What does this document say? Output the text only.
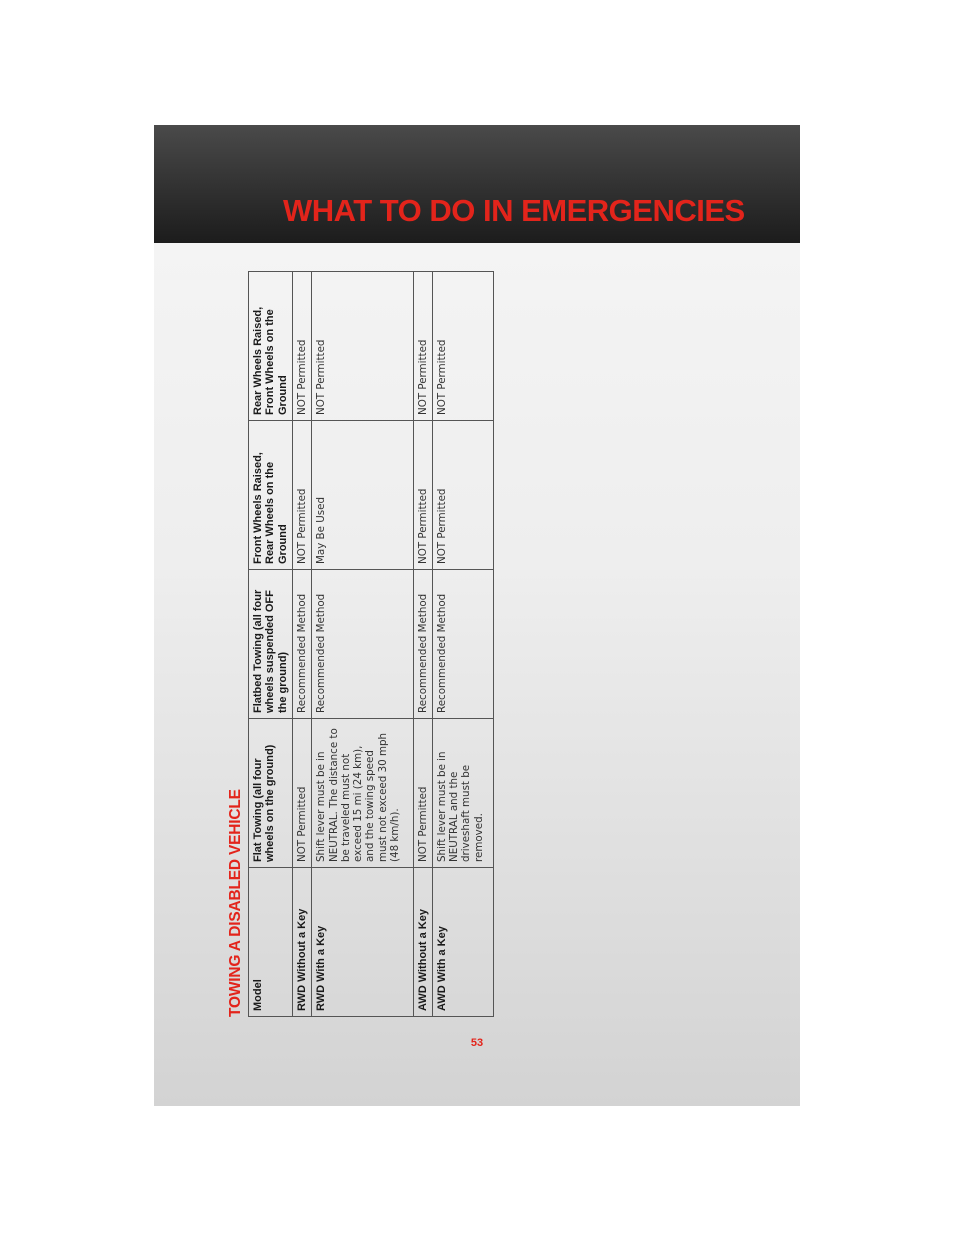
WHAT TO DO IN EMERGENCIES
53
TOWING A DISABLED VEHICLE Model	Flat Towing (all four wheels on the ground)	Flatbed Towing (all four wheels suspended OFF the ground)	Front Wheels Raised, Rear Wheels on the Ground	Rear Wheels Raised, Front Wheels on the Ground
RWD Without a Key	NOT Permitted	Recommended Method	NOT Permitted	NOT Permitted
RWD With a Key	Shift lever must be in NEUTRAL. The distance to be traveled must not exceed 15 mi (24 km), and the towing speed must not exceed 30 mph (48 km/h).	Recommended Method	May Be Used	NOT Permitted
AWD Without a Key	NOT Permitted	Recommended Method	NOT Permitted	NOT Permitted
AWD With a Key	Shift lever must be in NEUTRAL and the driveshaft must be removed.	Recommended Method	NOT Permitted	NOT Permitted
